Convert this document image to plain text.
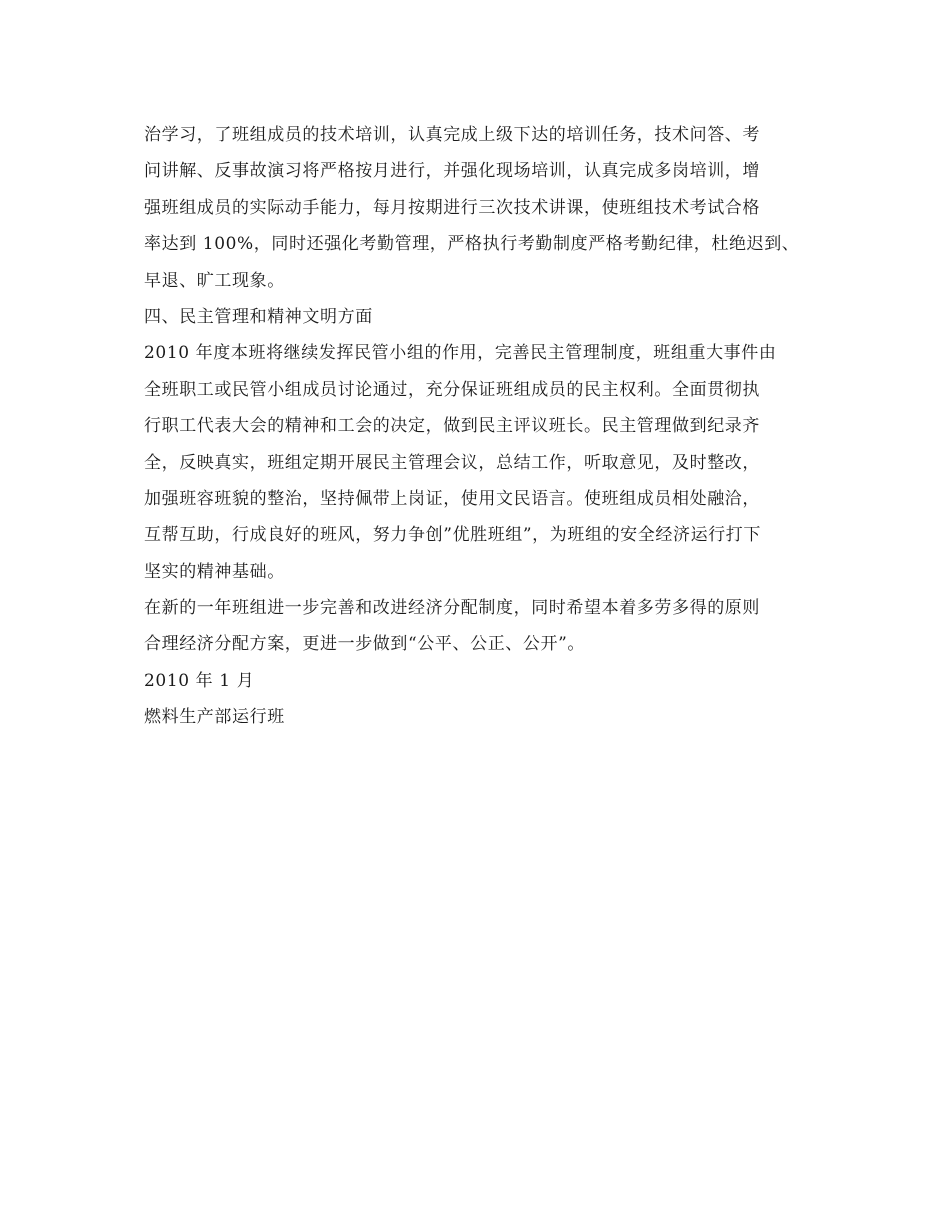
治学习，了班组成员的技术培训，认真完成上级下达的培训任务，技术问答、考
问讲解、反事故演习将严格按月进行，并强化现场培训，认真完成多岗培训，增
强班组成员的实际动手能力，每月按期进行三次技术讲课，使班组技术考试合格
率达到 100%，同时还强化考勤管理，严格执行考勤制度严格考勤纪律，杜绝迟到、
早退、旷工现象。
四、民主管理和精神文明方面
2010 年度本班将继续发挥民管小组的作用，完善民主管理制度，班组重大事件由
全班职工或民管小组成员讨论通过，充分保证班组成员的民主权利。全面贯彻执
行职工代表大会的精神和工会的决定，做到民主评议班长。民主管理做到纪录齐
全，反映真实，班组定期开展民主管理会议，总结工作，听取意见，及时整改，
加强班容班貌的整治，坚持佩带上岗证，使用文民语言。使班组成员相处融洽，
互帮互助，行成良好的班风，努力争创”优胜班组”，为班组的安全经济运行打下
坚实的精神基础。
在新的一年班组进一步完善和改进经济分配制度，同时希望本着多劳多得的原则
合理经济分配方案，更进一步做到“公平、公正、公开”。
2010 年 1 月
燃料生产部运行班
